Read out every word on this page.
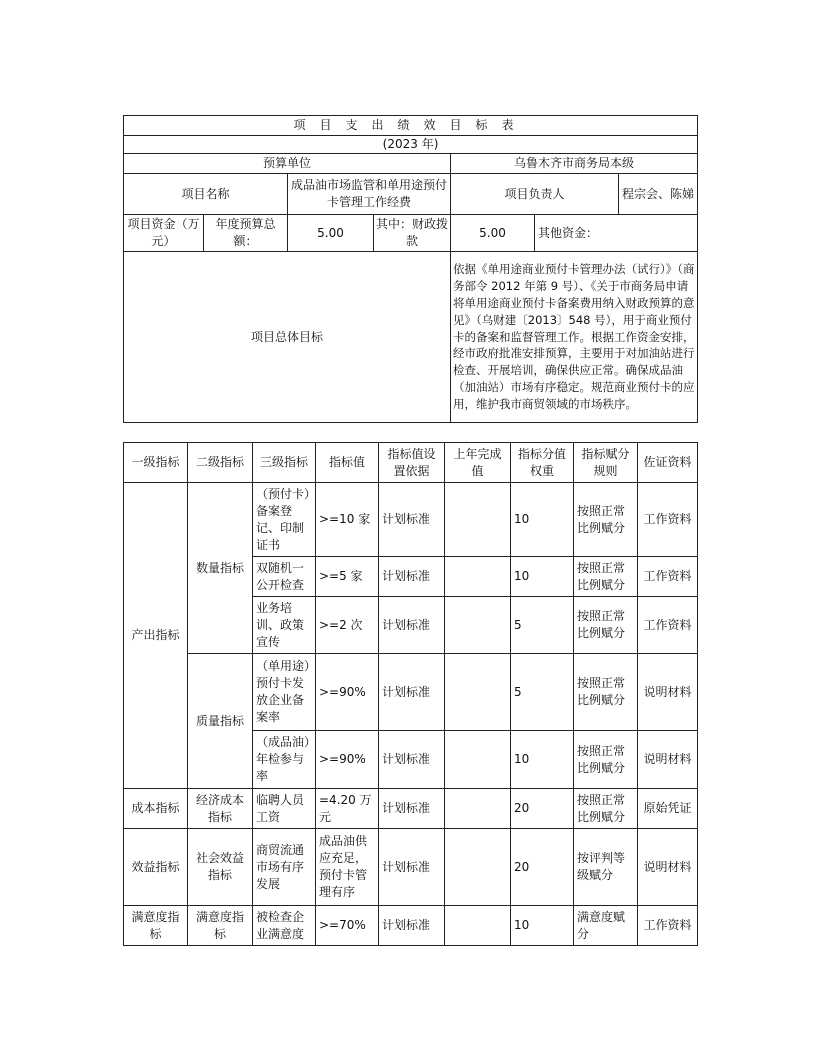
项目支出绩效目标表						
(2023 年)						
预算单位				乌鲁木齐市商务局本级		
项目名称		成品油市场监管和单用途预付卡管理工作经费		项目负责人		程宗会、陈娣
项目资金（万元）	年度预算总额：	5.00	其中：财政拨款	5.00	其他资金：	
项目总体目标				依据《单用途商业预付卡管理办法（试行）》（商务部令 2012 年第 9 号）、《关于市商务局申请将单用途商业预付卡备案费用纳入财政预算的意见》（乌财建〔2013〕548 号），用于商业预付卡的备案和监督管理工作。根据工作资金安排，经市政府批准安排预算，主要用于对加油站进行检查、开展培训，确保供应正常。确保成品油（加油站）市场有序稳定。规范商业预付卡的应用，维护我市商贸领域的市场秩序。		
一级指标	二级指标	三级指标	指标值	指标值设置依据	上年完成值	指标分值权重	指标赋分规则	佐证资料
产出指标	数量指标	（预付卡）备案登记、印制证书	>=10 家	计划标准		10	按照正常比例赋分	工作资料
		双随机一公开检查	>=5 家	计划标准		10	按照正常比例赋分	工作资料
		业务培训、政策宣传	>=2 次	计划标准		5	按照正常比例赋分	工作资料
	质量指标	（单用途）预付卡发放企业备案率	>=90%	计划标准		5	按照正常比例赋分	说明材料
		（成品油）年检参与率	>=90%	计划标准		10	按照正常比例赋分	说明材料
成本指标	经济成本指标	临聘人员工资	=4.20 万元	计划标准		20	按照正常比例赋分	原始凭证
效益指标	社会效益指标	商贸流通市场有序发展	成品油供应充足，预付卡管理有序	计划标准		20	按评判等级赋分	说明材料
满意度指标	满意度指标	被检查企业满意度	>=70%	计划标准		10	满意度赋分	工作资料
